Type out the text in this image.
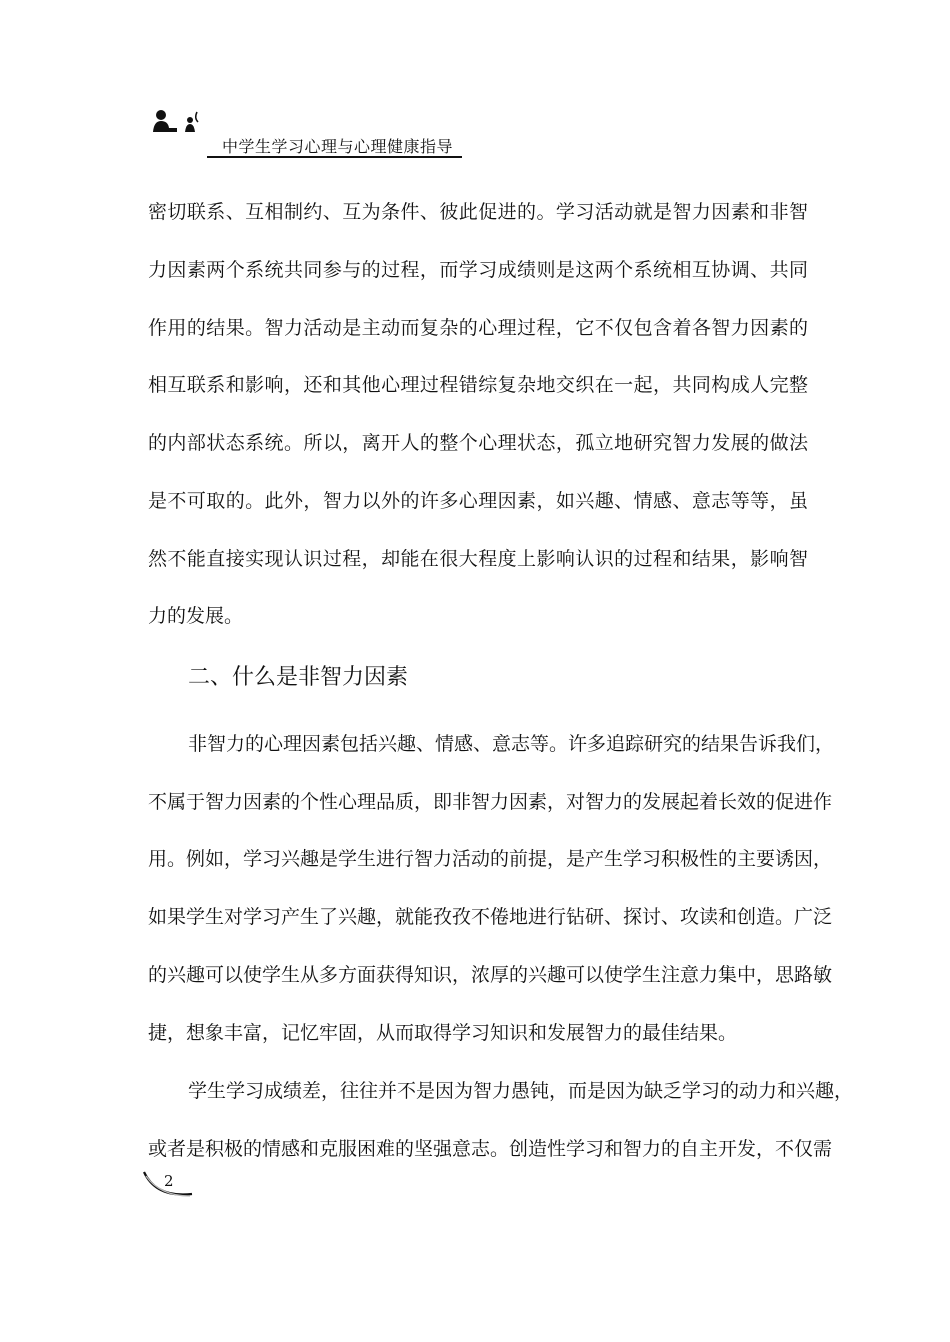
中学生学习心理与心理健康指导
密切联系、互相制约、互为条件、彼此促进的。学习活动就是智力因素和非智
力因素两个系统共同参与的过程，而学习成绩则是这两个系统相互协调、共同
作用的结果。智力活动是主动而复杂的心理过程，它不仅包含着各智力因素的
相互联系和影响，还和其他心理过程错综复杂地交织在一起，共同构成人完整
的内部状态系统。所以，离开人的整个心理状态，孤立地研究智力发展的做法
是不可取的。此外，智力以外的许多心理因素，如兴趣、情感、意志等等，虽
然不能直接实现认识过程，却能在很大程度上影响认识的过程和结果，影响智
力的发展。
二、什么是非智力因素
非智力的心理因素包括兴趣、情感、意志等。许多追踪研究的结果告诉我们，
不属于智力因素的个性心理品质，即非智力因素，对智力的发展起着长效的促进作
用。例如，学习兴趣是学生进行智力活动的前提，是产生学习积极性的主要诱因，
如果学生对学习产生了兴趣，就能孜孜不倦地进行钻研、探讨、攻读和创造。广泛
的兴趣可以使学生从多方面获得知识，浓厚的兴趣可以使学生注意力集中，思路敏
捷，想象丰富，记忆牢固，从而取得学习知识和发展智力的最佳结果。
学生学习成绩差，往往并不是因为智力愚钝，而是因为缺乏学习的动力和兴趣，
或者是积极的情感和克服困难的坚强意志。创造性学习和智力的自主开发，不仅需
2
